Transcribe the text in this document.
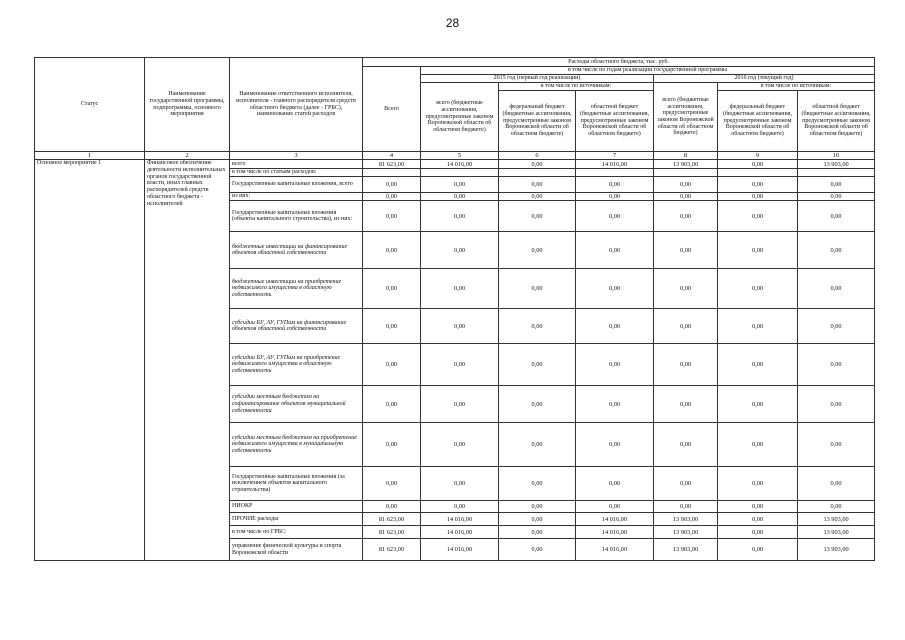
28
Статус	Наименование государственной программы, подпрограммы, основного мероприятия	Наименование ответственного исполнителя, исполнителя - главного распорядителя средств областного бюджета (далее - ГРБС), наименование статей расходов	Расходы областного бюджета, тыс. руб.						
			Всего	в том числе по годам реализации государственной программы					
				2015 год (первый год реализации)			2016 год (текущий год)		
				всего (бюджетные ассигнования, предусмотренные законом Воронежской области об областном бюджете)	в том числе по источникам:		всего (бюджетные ассигнования, предусмотренные законом Воронежской области об областном бюджете)	в том числе по источникам:	
					федеральный бюджет (бюджетные ассигнования, предусмотренные законом Воронежской области об областном бюджете)	областной бюджет (бюджетные ассигнования, предусмотренные законом Воронежской области об областном бюджете)		федеральный бюджет (бюджетные ассигнования, предусмотренные законом Воронежской области об областном бюджете)	областной бюджет (бюджетные ассигнования, предусмотренные законом Воронежской области об областном бюджете)
1	2	3	4	5	6	7	8	9	10
Основное мероприятие 1	Финансовое обеспечение деятельности исполнительных органов государственной власти, иных главных распорядителей средств областного бюджета - исполнителей	всего	81 623,00	14 016,00	0,00	14 016,00	13 903,00	0,00	13 903,00
		в том числе по статьям расходов:							
		Государственные капитальные вложения, всего	0,00	0,00	0,00	0,00	0,00	0,00	0,00
		из них:	0,00	0,00	0,00	0,00	0,00	0,00	0,00
		Государственные капитальные вложения (объекты капитального строительства), из них:	0,00	0,00	0,00	0,00	0,00	0,00	0,00
		бюджетные инвестиции на финансирование объектов областной собственности	0,00	0,00	0,00	0,00	0,00	0,00	0,00
		бюджетные инвестиции на приобретение недвижимого имущества в областную собственность	0,00	0,00	0,00	0,00	0,00	0,00	0,00
		субсидии БУ, АУ, ГУПам на финансирование объектов областной собственности	0,00	0,00	0,00	0,00	0,00	0,00	0,00
		субсидии БУ, АУ, ГУПам на приобретение недвижимого имущества в областную собственность	0,00	0,00	0,00	0,00	0,00	0,00	0,00
		субсидии местным бюджетам на софинансирование объектов муниципальной собственности	0,00	0,00	0,00	0,00	0,00	0,00	0,00
		субсидии местным бюджетам на приобретение недвижимого имущества в муниципальную собственность	0,00	0,00	0,00	0,00	0,00	0,00	0,00
		Государственные капитальные вложения (за исключением объектов капитального строительства)	0,00	0,00	0,00	0,00	0,00	0,00	0,00
		НИОКР	0,00	0,00	0,00	0,00	0,00	0,00	0,00
		ПРОЧИЕ расходы	81 623,00	14 016,00	0,00	14 016,00	13 903,00	0,00	13 903,00
		в том числе по ГРБС:	81 623,00	14 016,00	0,00	14 016,00	13 903,00	0,00	13 903,00
		управление физической культуры и спорта Воронежской области	81 623,00	14 016,00	0,00	14 016,00	13 903,00	0,00	13 903,00
